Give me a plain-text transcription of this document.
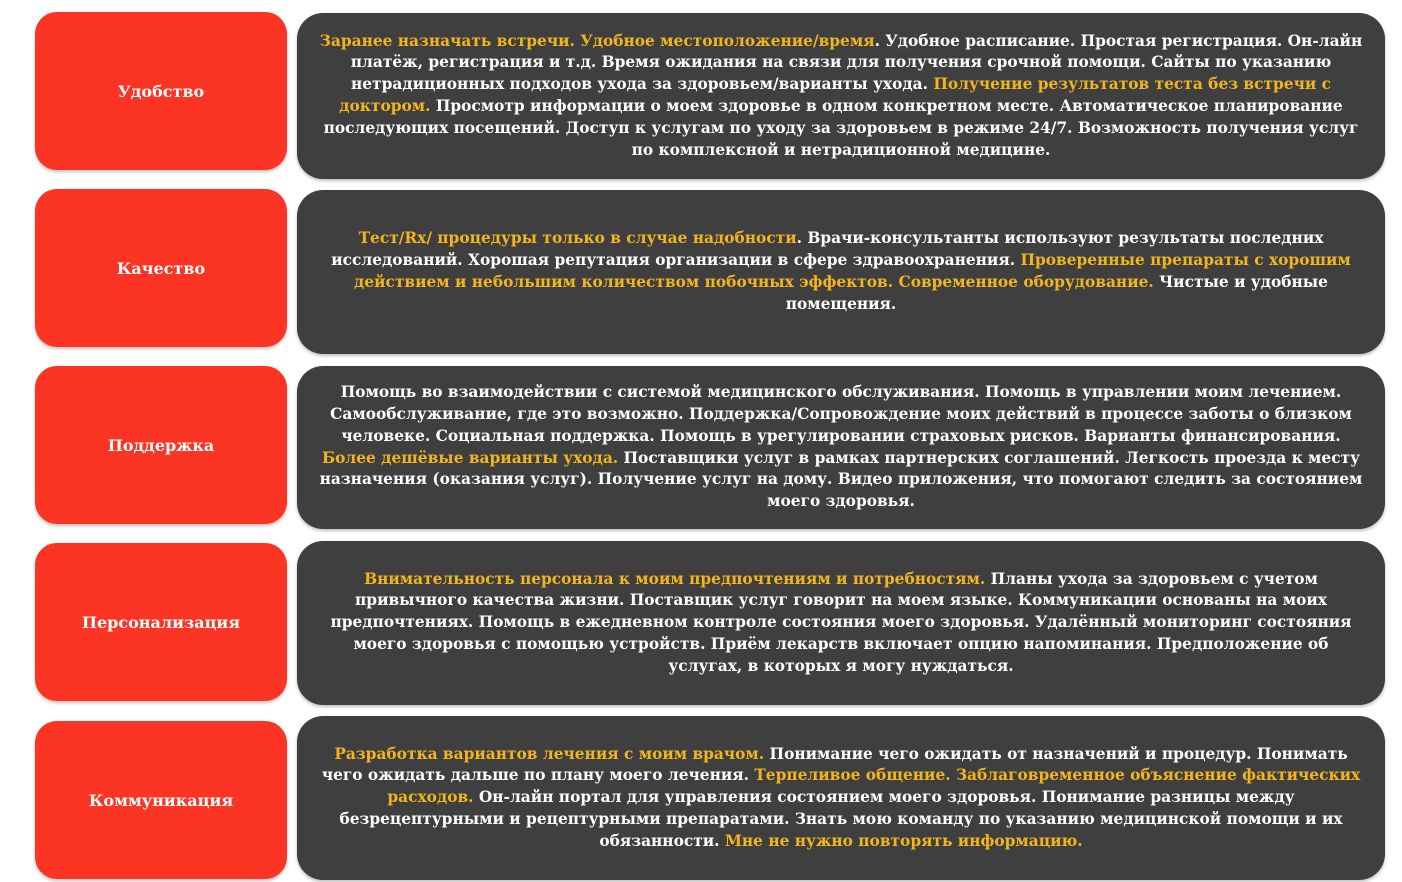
Удобство

Заранее назначать встречи. Удобное местоположение/время. Удобное расписание. Простая регистрация. Он-лайн платёж, регистрация и т.д. Время ожидания на связи для получения срочной помощи. Сайты по указанию нетрадиционных подходов ухода за здоровьем/варианты ухода. Получение результатов теста без встречи с доктором. Просмотр информации о моем здоровье в одном конкретном месте. Автоматическое планирование последующих посещений. Доступ к услугам по уходу за здоровьем в режиме 24/7. Возможность получения услуг по комплексной и нетрадиционной медицине.

Качество

Тест/Rx/ процедуры только в случае надобности. Врачи-консультанты используют результаты последних исследований. Хорошая репутация организации в сфере здравоохранения. Проверенные препараты с хорошим действием и небольшим количеством побочных эффектов. Современное оборудование. Чистые и удобные помещения.

Поддержка

Помощь во взаимодействии с системой медицинского обслуживания. Помощь в управлении моим лечением. Самообслуживание, где это возможно. Поддержка/Сопровождение моих действий в процессе заботы о близком человеке. Социальная поддержка. Помощь в урегулировании страховых рисков. Варианты финансирования. Более дешёвые варианты ухода. Поставщики услуг в рамках партнерских соглашений. Легкость проезда к месту назначения (оказания услуг). Получение услуг на дому. Видео приложения, что помогают следить за состоянием моего здоровья.

Персонализация

Внимательность персонала к моим предпочтениям и потребностям. Планы ухода за здоровьем с учетом привычного качества жизни. Поставщик услуг говорит на моем языке. Коммуникации основаны на моих предпочтениях. Помощь в ежедневном контроле состояния моего здоровья. Удалённый мониторинг состояния моего здоровья с помощью устройств. Приём лекарств включает опцию напоминания. Предположение об услугах, в которых я могу нуждаться.

Коммуникация

Разработка вариантов лечения с моим врачом. Понимание чего ожидать от назначений и процедур. Понимать чего ожидать дальше по плану моего лечения. Терпеливое общение. Заблаговременное объяснение фактических расходов. Он-лайн портал для управления состоянием моего здоровья. Понимание разницы между безрецептурными и рецептурными препаратами. Знать мою команду по указанию медицинской помощи и их обязанности. Мне не нужно повторять информацию.
